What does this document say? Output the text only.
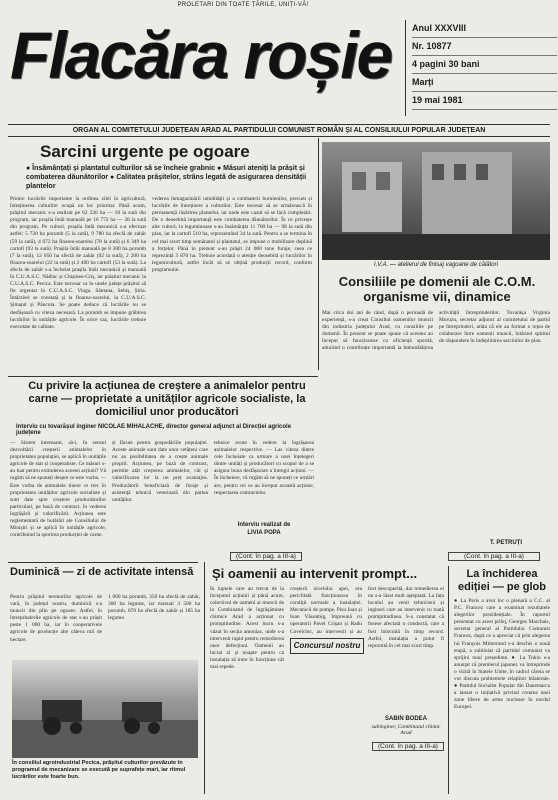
PROLETARI DIN TOATE ȚĂRILE, UNIȚI-VĂ!
Flacăra roșie Anul XXXVIII
Nr. 10877
4 pagini 30 bani
Marți
19 mai 1981
ORGAN AL COMITETULUI JUDEȚEAN ARAD AL PARTIDULUI COMUNIST ROMÂN ȘI AL CONSILIULUI POPULAR JUDEȚEAN
Sarcini urgente pe ogoare
● Însămânțați și plantatul culturilor să se încheie grabnic ● Măsuri ateniți la prășit și combaterea dăunătorilor ● Calitatea prășitelor, strâns legată de asigurarea densității plantelor
Printre lucrările importante la ordinea zilei în agricultură, întreținerea culturilor ocupă un loc prioritar. Până acum, prășitul mecanic s-a realizat pe 62 220 ha — 18 la sută din program, iar prașila întâi manuală pe 16 772 ha — 28 la sută din program. Pe culturi, prașila întâi mecanică s-a efectuat astfel: 5 720 ha porumb (5 la sută), 9 780 ha sfeclă de zahăr (59 la sută), 4 072 ha floarea-soarelui (78 la sută) și 6 349 ha cartofi (93 la sută). Prașila întâi manuală pe 8 300 ha porumb (7 la sută), 12 050 ha sfeclă de zahăr (92 la sută), 2 200 ha floarea-soarelui (22 la sută) și 2 400 ha cartofi (53 la sută). La sfecla de zahăr s-a încheiat prașila întâi mecanică și manuală în C.U.A.S.C. Nădlac și Chișineu-Criș, iar prășitul mecanic la C.U.A.S.C. Pecica. Este necesar ca în unele județe prășitul să fie urgentat în C.U.A.S.C. Vinga, Sântana, Sebiș, Șiria. Întârzieri se constată și la floarea-soarelui, la C.U.A.S.C. Șimand și Pâncota. Se poate deduce că lucrările nu se desfășoară cu viteza necesară. La porumb se impune grăbirea lucrărilor în unitățile agricole. În orice caz, lucrările trebuie executate de calitate.
vederea înmagazinării umidității și a combaterii buruienilor, precum și lucrările de întreținere a culturilor. Este necesar să se urmărească în permanență răsărirea plantelor, iar unde este cazul să se facă completări. De o deosebită importanță este combaterea dăunătorilor. În ce privește alte culturi, la leguminoase s-au însămânțat 11 700 ha — 98 la sută din plan, iar la cartofi 510 ha, reprezentând 34 la sută. Pentru a se termina în cel mai scurt timp semănatul și plantatul, se impune o mobilizare deplină a forțelor. Până în prezent s-au prășit 24 000 tone furaje, ceea ce reprezintă 3 870 ha. Trebuie acordată o atenție deosebită și lucrărilor în legumicultură, astfel încât să se obțină producții record, conform programului.
I.V.A. — atelierul de finisaj vagoane de călători
Consiliile pe domenii ale C.O.M. organisme vii, dinamice
Mai circa doi ani de când, după o perioadă de experiență, s-a creat Consiliul oamenilor muncii din industria județului Arad, cu consiliile pe domenii. În prezent se poate spune că acestea au început să funcționeze cu eficiență sporită, aducând o contribuție importantă la îmbunătățirea activității întreprinderilor. Tovarășa Virginia Moruzu, secretar adjunct al comitetului de partid pe întreprinderi, arăta că ele au format o rețea de colaborare între oamenii muncii, întărind spiritul de răspundere în îndeplinirea sarcinilor de plan.
T. PETRUȚI
(Cont. în pag. a III-a)
Cu privire la acțiunea de creștere a animalelor pentru carne — proprietate a unităților agricole socialiste, la domiciliul unor producători
Interviu cu tovarășul inginer NICOLAE MIHALACHE, director general adjunct al Direcției agricole județene
— Sistem interesant, să-i, în sensul dezvoltării creșterii animalelor în proprietatea populației, se aplică în unitățile agricole de stat și cooperatiste. Ce măsuri s-au luat pentru extinderea acestei acțiuni? Vă rugăm să ne spuneți despre ce este vorba. — Este vorba de animalele tinere ce trec în proprietatea unităților agricole socialiste și sunt date spre creștere producătorilor particulari, pe bază de contract, în vederea îngrășării și valorificării. Acțiunea este reglementată de hotărâri ale Consiliului de Miniștri și se aplică în unitățile agricole, contribuind la sporirea producției de carne.
și făcute pentru gospodăriile populației. Aceste animale sunt date unor cetățeni care nu au posibilitatea de a crește animale proprii. Acțiunea, pe bază de contract, permite atât creșterea animalelor, cât și valorificarea lor la un preț avantajos. Producătorii beneficiază de furaje și asistență tehnică veterinară din partea unităților.
tehnice avute în vedere la îngrășarea animalelor respective. — Las viteza dintre cele încheiate ca urmare a unei înțelegeri dintre unități și producători cu scopul de a se asigura buna desfășurare a întregii acțiuni. — În încheiere, vă rugăm să ne spuneți ce urmări are, pentru cei ce au început această acțiune, respectarea contractelor.
Interviu realizat de
LIVIA POPA
(Cont. în pag. a III-a)
Duminică — zi de activitate intensă
Pentru prășitul terenurilor agricole de vară, în județul nostru, duminică s-a muncit din plin pe ogoare. Astfel, în întreprinderile agricole de stat s-au prășit peste 1 000 ha, iar în cooperativele agricole de producție alte câteva mii de hectare.
1 000 ha porumb, 350 ha sfeclă de zahăr, 300 ha legume, iar manual 3 500 ha porumb, 870 ha sfeclă de zahăr și 185 ha legume.
În consiliul agroindustrial Pecica, prășitul culturilor prevăzute în programul de mecanizare se execută pe suprafețe mari, iar ritmul lucrărilor este foarte bun.
Și oamenii au intervenit prompt...
În luptele care au trecut de la începutul acțiunii și până acum, colectivul de oameni ai muncii de la Combinatul de îngrășăminte chimice Arad a acționat cu promptitudine. Acest lucru s-a văzut în secția amoniac, unde s-a intervenit rapid pentru remedierea unor defecțiuni. Oamenii au lucrat zi și noapte pentru ca instalația să intre în funcțiune cât mai repede.
creșterii nivelului apei, era periclitată funcționarea în condiții normale a instalației. Mecanicii de pompe, Pisu Ioan și Ioan Văsunbig, împreună cu operatorii Pavel Crișan și Radu Covelciuc, au intervenit și au
Concursul nostru
fost descoperită, dar remedierea ei nu s-a lăsat mult așteptată. La fața locului au venit tehnicieni și ingineri care au intervenit cu toată promptitudinea. S-a constatat că fusese afectată o conductă, care a fost înlocuită în timp record. Astfel, instalația a putut fi repornită în cel mai scurt timp.
SABIN BODEA
subinginer, Combinatul chimic Arad
(Cont. în pag. a III-a)
La închiderea ediției — pe glob
● La Paris a avut loc o plenară a C.C. al P.C. Francez care a examinat rezultatele alegerilor prezidențiale. În raportul prezentat cu acest prilej, Georges Marchais, secretar general al Partidului Comunist Francez, după ce a apreciat că prin alegerea lui François Mitterrand s-a deschis o nouă etapă, a subliniat că partidul comunist va sprijini noul președinte. ● La Tokio s-a anunțat că premierul japonez va întreprinde o vizită în Statele Unite, în cadrul căreia se vor discuta problemele relațiilor bilaterale. ● Partidul Socialist Popular din Danemarca a lansat o inițiativă privind crearea unei zone libere de arme nucleare în nordul Europei.
